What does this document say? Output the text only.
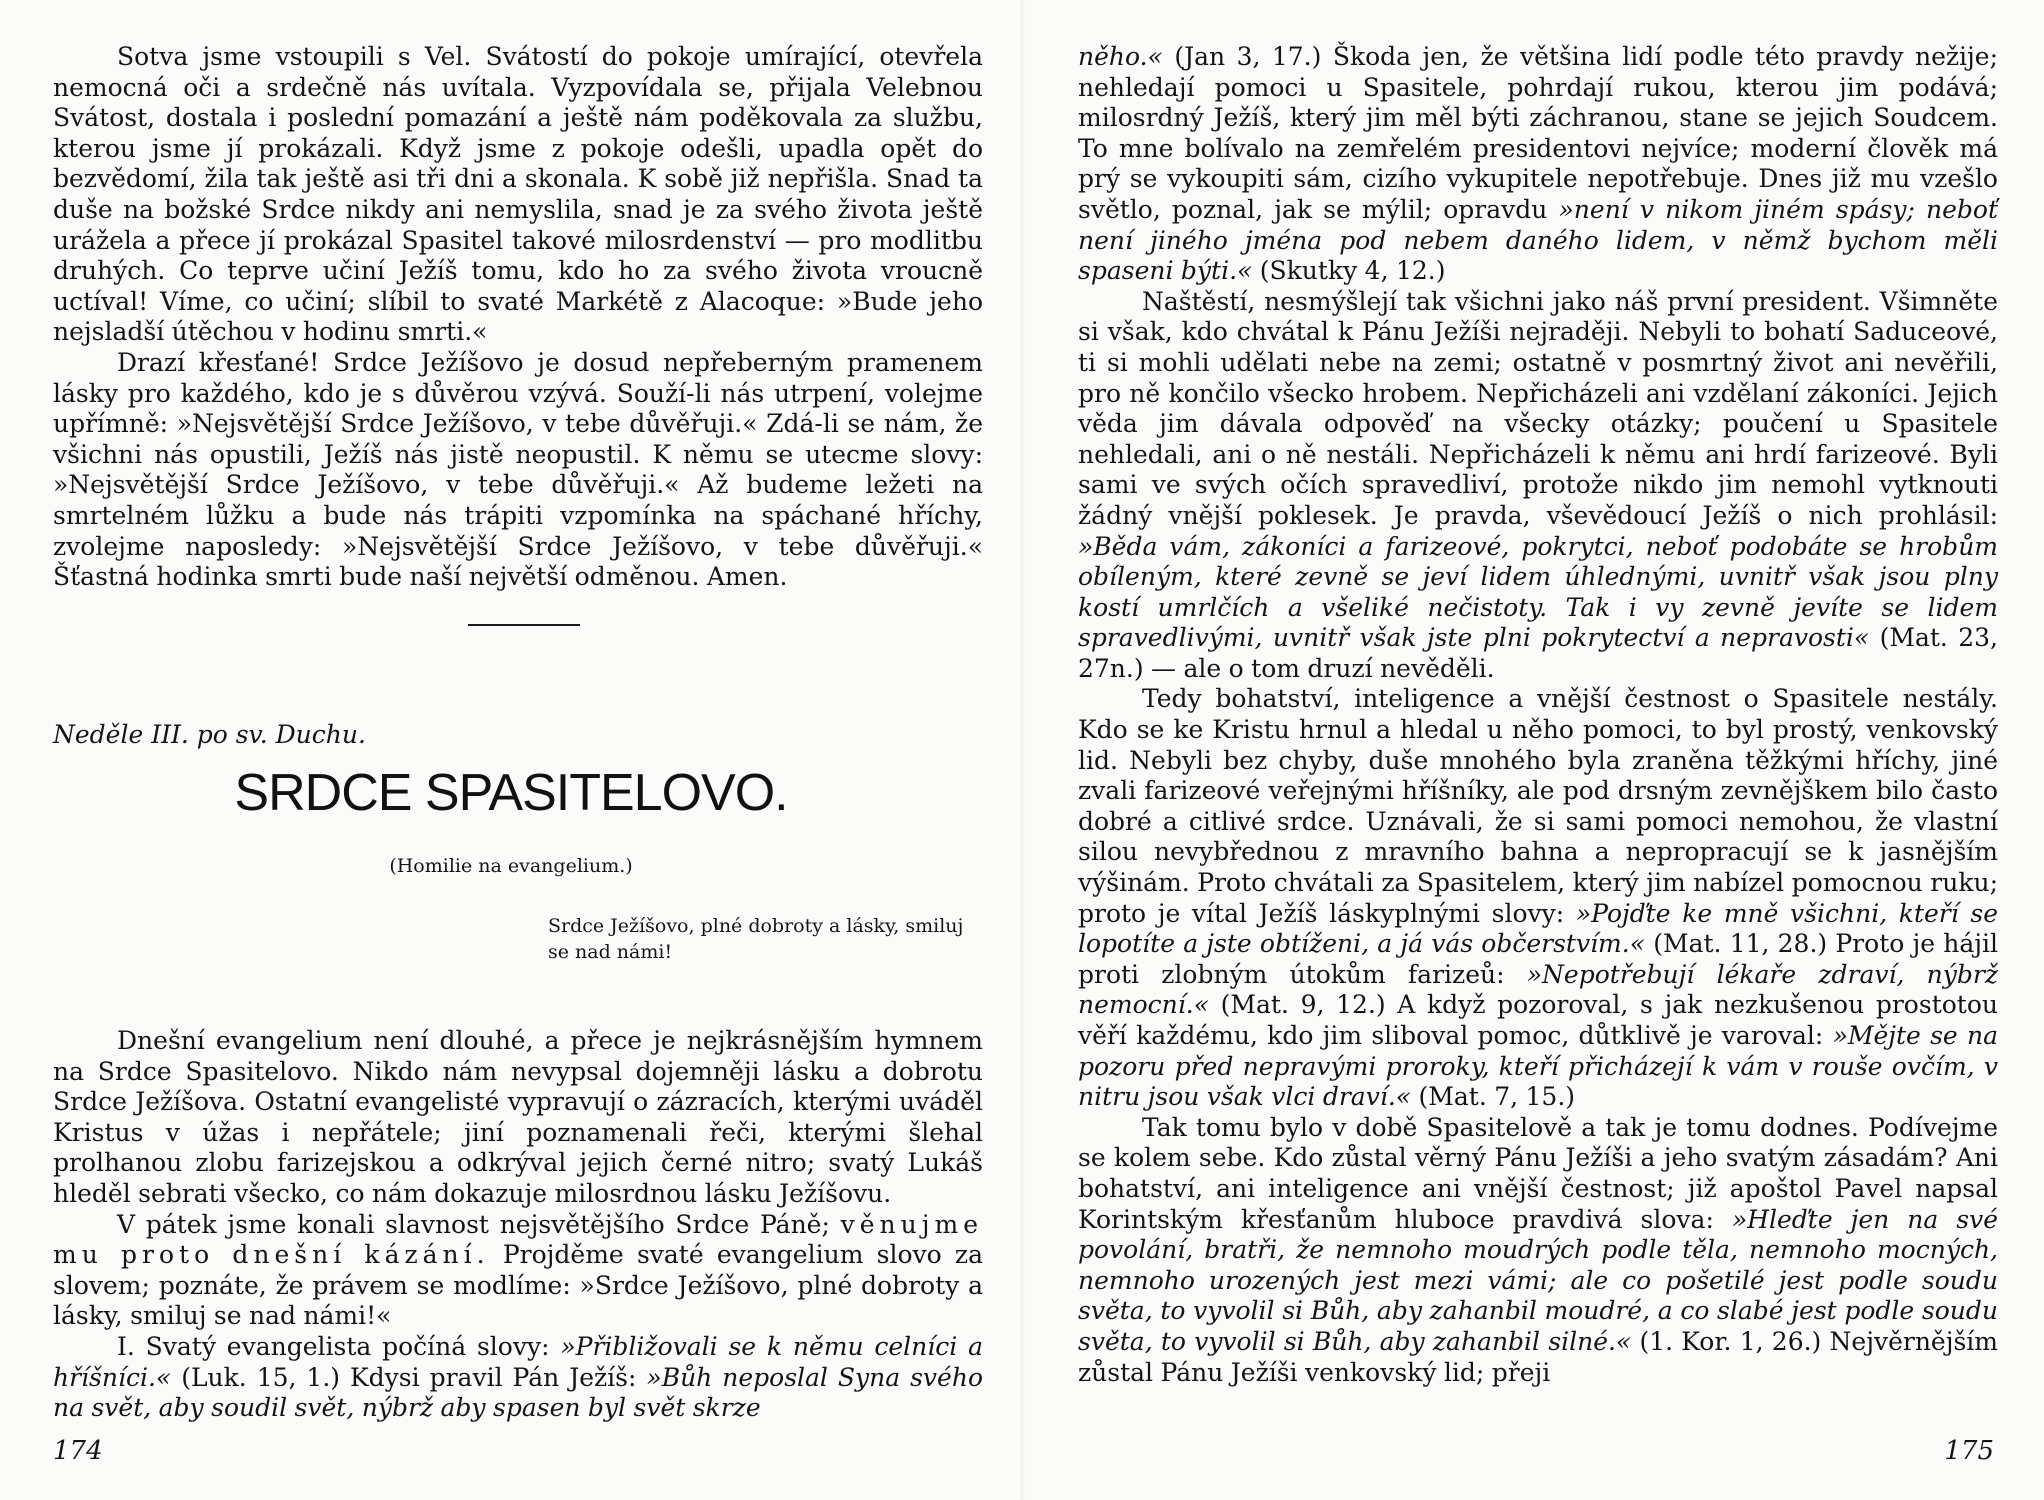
Sotva jsme vstoupili s Vel. Svátostí do pokoje umírající, otevřela nemocná oči a srdečně nás uvítala. Vyzpovídala se, přijala Velebnou Svátost, dostala i poslední pomazání a ještě nám poděkovala za službu, kterou jsme jí prokázali. Když jsme z pokoje odešli, upadla opět do bezvědomí, žila tak ještě asi tři dni a skonala. K sobě již nepřišla. Snad ta duše na božské Srdce nikdy ani nemyslila, snad je za svého života ještě urážela a přece jí prokázal Spasitel takové milosrdenství — pro modlitbu druhých. Co teprve učiní Ježíš tomu, kdo ho za svého života vroucně uctíval! Víme, co učiní; slíbil to svaté Markétě z Alacoque: »Bude jeho nejsladší útěchou v hodinu smrti.«

Drazí křesťané! Srdce Ježíšovo je dosud nepřeberným pramenem lásky pro každého, kdo je s důvěrou vzývá. Souží-li nás utrpení, volejme upřímně: »Nejsvětější Srdce Ježíšovo, v tebe důvěřuji.« Zdá-li se nám, že všichni nás opustili, Ježíš nás jistě neopustil. K němu se utecme slovy: »Nejsvětější Srdce Ježíšovo, v tebe důvěřuji.« Až budeme ležeti na smrtelném lůžku a bude nás trápiti vzpomínka na spáchané hříchy, zvolejme naposledy: »Nejsvětější Srdce Ježíšovo, v tebe důvěřuji.« Šťastná hodinka smrti bude naší největší odměnou. Amen.

Neděle III. po sv. Duchu.
SRDCE SPASITELOVO.
(Homilie na evangelium.)
Srdce Ježíšovo, plné dobroty a lásky, smiluj se nad námi!

Dnešní evangelium není dlouhé, a přece je nejkrásnějším hymnem na Srdce Spasitelovo. Nikdo nám nevypsal dojemněji lásku a dobrotu Srdce Ježíšova. Ostatní evangelisté vypravují o zázracích, kterými uváděl Kristus v úžas i nepřátele; jiní poznamenali řeči, kterými šlehal prolhanou zlobu farizejskou a odkrýval jejich černé nitro; svatý Lukáš hleděl sebrati všecko, co nám dokazuje milosrdnou lásku Ježíšovu.

V pátek jsme konali slavnost nejsvětějšího Srdce Páně; věnujme mu proto dnešní kázání. Projděme svaté evangelium slovo za slovem; poznáte, že právem se modlíme: »Srdce Ježíšovo, plné dobroty a lásky, smiluj se nad námi!«

I. Svatý evangelista počíná slovy: »Přibližovali se k němu celníci a hříšníci.« (Luk. 15, 1.) Kdysi pravil Pán Ježíš: »Bůh neposlal Syna svého na svět, aby soudil svět, nýbrž aby spasen byl svět skrze

174

něho.« (Jan 3, 17.) Škoda jen, že většina lidí podle této pravdy nežije; nehledají pomoci u Spasitele, pohrdají rukou, kterou jim podává; milosrdný Ježíš, který jim měl býti záchranou, stane se jejich Soudcem. To mne bolívalo na zemřelém presidentovi nejvíce; moderní člověk má prý se vykoupiti sám, cizího vykupitele nepotřebuje. Dnes již mu vzešlo světlo, poznal, jak se mýlil; opravdu »není v nikom jiném spásy; neboť není jiného jména pod nebem daného lidem, v němž bychom měli spaseni býti.« (Skutky 4, 12.)

Naštěstí, nesmýšlejí tak všichni jako náš první president. Všimněte si však, kdo chvátal k Pánu Ježíši nejraději. Nebyli to bohatí Saduceové, ti si mohli udělati nebe na zemi; ostatně v posmrtný život ani nevěřili, pro ně končilo všecko hrobem. Nepřicházeli ani vzdělaní zákoníci. Jejich věda jim dávala odpověď na všecky otázky; poučení u Spasitele nehledali, ani o ně nestáli. Nepřicházeli k němu ani hrdí farizeové. Byli sami ve svých očích spravedliví, protože nikdo jim nemohl vytknouti žádný vnější poklesek. Je pravda, vševědoucí Ježíš o nich prohlásil: »Běda vám, zákoníci a farizeové, pokrytci, neboť podobáte se hrobům obíleným, které zevně se jeví lidem úhlednými, uvnitř však jsou plny kostí umrlčích a všeliké nečistoty. Tak i vy zevně jevíte se lidem spravedlivými, uvnitř však jste plni pokrytectví a nepravosti« (Mat. 23, 27n.) — ale o tom druzí nevěděli.

Tedy bohatství, inteligence a vnější čestnost o Spasitele nestály. Kdo se ke Kristu hrnul a hledal u něho pomoci, to byl prostý, venkovský lid. Nebyli bez chyby, duše mnohého byla zraněna těžkými hříchy, jiné zvali farizeové veřejnými hříšníky, ale pod drsným zevnějškem bilo často dobré a citlivé srdce. Uznávali, že si sami pomoci nemohou, že vlastní silou nevybřednou z mravního bahna a nepropracují se k jasnějším výšinám. Proto chvátali za Spasitelem, který jim nabízel pomocnou ruku; proto je vítal Ježíš láskyplnými slovy: »Pojďte ke mně všichni, kteří se lopotíte a jste obtíženi, a já vás občerstvím.« (Mat. 11, 28.) Proto je hájil proti zlobným útokům farizeů: »Nepotřebují lékaře zdraví, nýbrž nemocní.« (Mat. 9, 12.) A když pozoroval, s jak nezkušenou prostotou věří každému, kdo jim sliboval pomoc, důtklivě je varoval: »Mějte se na pozoru před nepravými proroky, kteří přicházejí k vám v rouše ovčím, v nitru jsou však vlci draví.« (Mat. 7, 15.)

Tak tomu bylo v době Spasitelově a tak je tomu dodnes. Podívejme se kolem sebe. Kdo zůstal věrný Pánu Ježíši a jeho svatým zásadám? Ani bohatství, ani inteligence ani vnější čestnost; již apoštol Pavel napsal Korintským křesťanům hluboce pravdivá slova: »Hleďte jen na své povolání, bratři, že nemnoho moudrých podle těla, nemnoho mocných, nemnoho urozených jest mezi vámi; ale co pošetilé jest podle soudu světa, to vyvolil si Bůh, aby zahanbil moudré, a co slabé jest podle soudu světa, to vyvolil si Bůh, aby zahanbil silné.« (1. Kor. 1, 26.) Nejvěrnějším zůstal Pánu Ježíši venkovský lid; přeji

175
